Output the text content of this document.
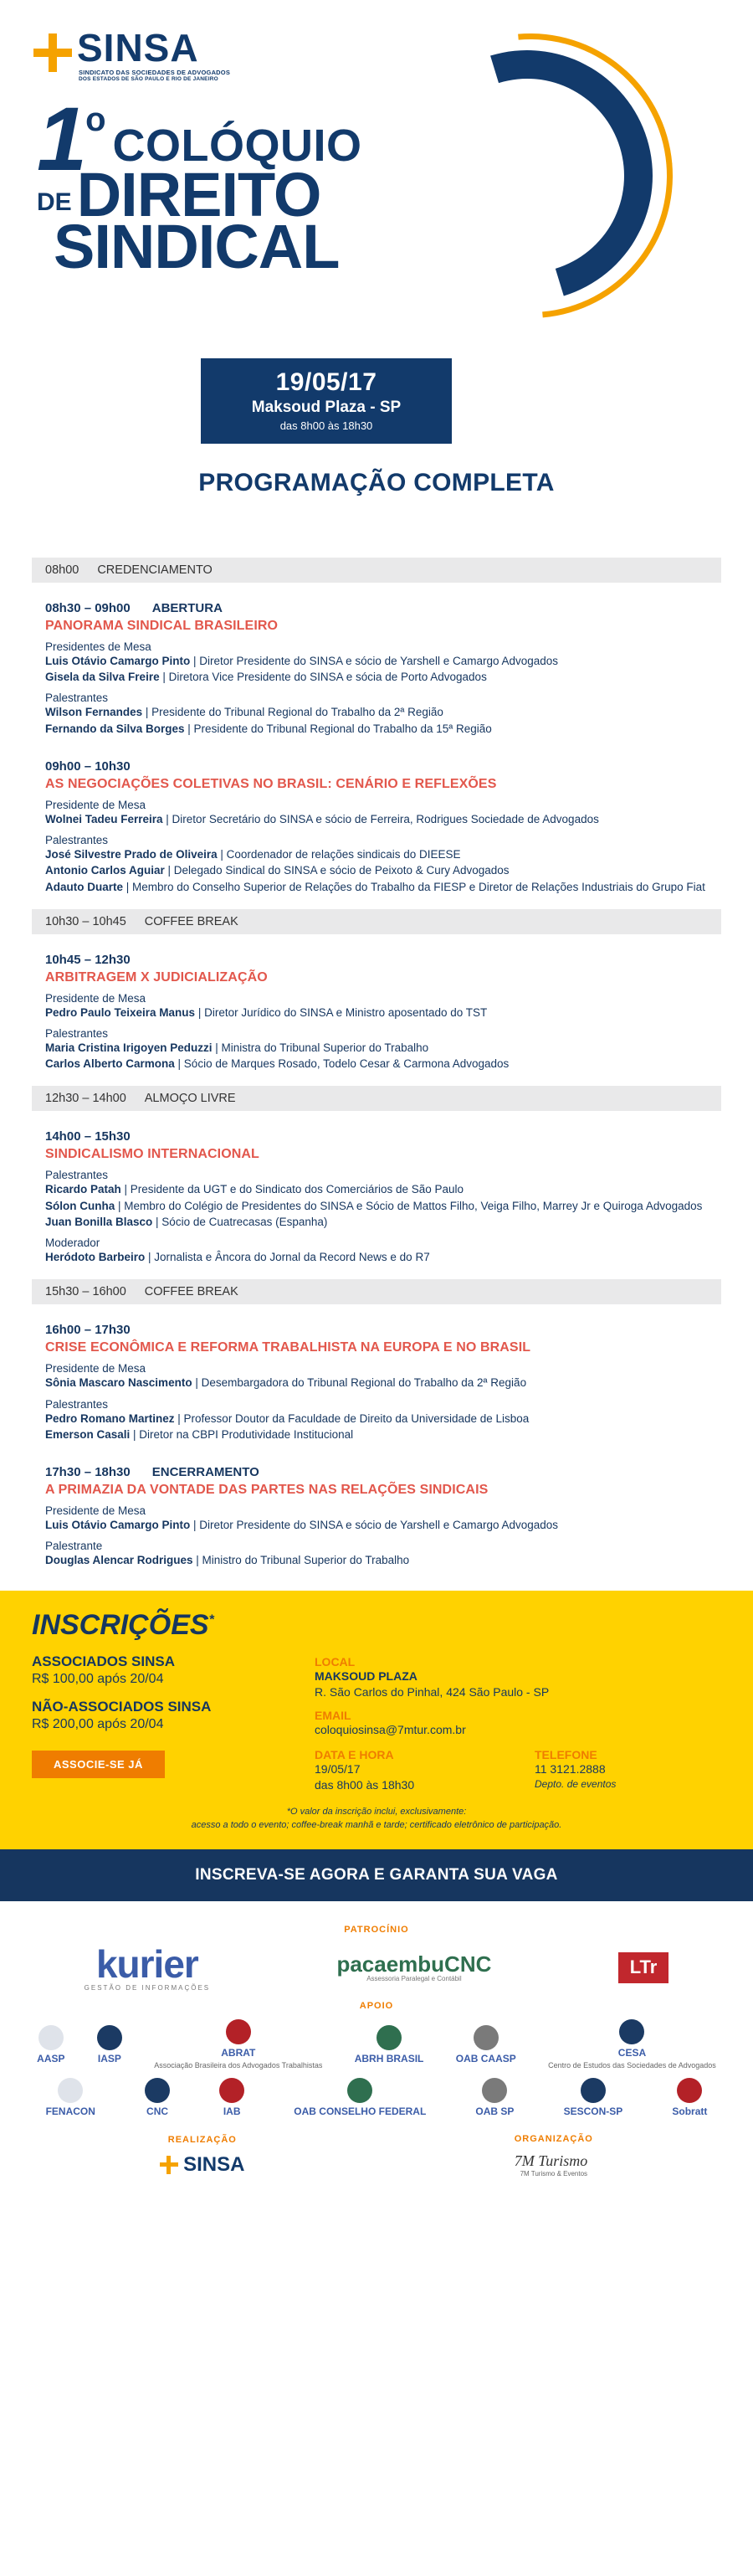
SINSA
SINDICATO DAS SOCIEDADES DE ADVOGADOS
DOS ESTADOS DE SÃO PAULO E RIO DE JANEIRO
1 o
COLÓQUIO
DE DIREITO
SINDICAL
19/05/17
Maksoud Plaza - SP
das 8h00 às 18h30
PROGRAMAÇÃO COMPLETA
08h00 CREDENCIAMENTO
08h30 – 09h00 ABERTURA
PANORAMA SINDICAL BRASILEIRO
Presidentes de Mesa
Luis Otávio Camargo Pinto | Diretor Presidente do SINSA e sócio de Yarshell e Camargo Advogados
Gisela da Silva Freire | Diretora Vice Presidente do SINSA e sócia de Porto Advogados
Palestrantes
Wilson Fernandes | Presidente do Tribunal Regional do Trabalho da 2ª Região
Fernando da Silva Borges | Presidente do Tribunal Regional do Trabalho da 15ª Região
09h00 – 10h30
AS NEGOCIAÇÕES COLETIVAS NO BRASIL: CENÁRIO E REFLEXÕES
Presidente de Mesa
Wolnei Tadeu Ferreira | Diretor Secretário do SINSA e sócio de Ferreira, Rodrigues Sociedade de Advogados
Palestrantes
José Silvestre Prado de Oliveira | Coordenador de relações sindicais do DIEESE
Antonio Carlos Aguiar | Delegado Sindical do SINSA e sócio de Peixoto & Cury Advogados
Adauto Duarte | Membro do Conselho Superior de Relações do Trabalho da FIESP e Diretor de Relações Industriais do Grupo Fiat
10h30 – 10h45 COFFEE BREAK
10h45 – 12h30
ARBITRAGEM X JUDICIALIZAÇÃO
Presidente de Mesa
Pedro Paulo Teixeira Manus | Diretor Jurídico do SINSA e Ministro aposentado do TST
Palestrantes
Maria Cristina Irigoyen Peduzzi | Ministra do Tribunal Superior do Trabalho
Carlos Alberto Carmona | Sócio de Marques Rosado, Todelo Cesar & Carmona Advogados
12h30 – 14h00 ALMOÇO LIVRE
14h00 – 15h30
SINDICALISMO INTERNACIONAL
Palestrantes
Ricardo Patah | Presidente da UGT e do Sindicato dos Comerciários de São Paulo
Sólon Cunha | Membro do Colégio de Presidentes do SINSA e Sócio de Mattos Filho, Veiga Filho, Marrey Jr e Quiroga Advogados
Juan Bonilla Blasco | Sócio de Cuatrecasas (Espanha)
Moderador
Heródoto Barbeiro | Jornalista e Âncora do Jornal da Record News e do R7
15h30 – 16h00 COFFEE BREAK
16h00 – 17h30
CRISE ECONÔMICA E REFORMA TRABALHISTA NA EUROPA E NO BRASIL
Presidente de Mesa
Sônia Mascaro Nascimento | Desembargadora do Tribunal Regional do Trabalho da 2ª Região
Palestrantes
Pedro Romano Martinez | Professor Doutor da Faculdade de Direito da Universidade de Lisboa
Emerson Casali | Diretor na CBPI Produtividade Institucional
17h30 – 18h30 ENCERRAMENTO
A PRIMAZIA DA VONTADE DAS PARTES NAS RELAÇÕES SINDICAIS
Presidente de Mesa
Luis Otávio Camargo Pinto | Diretor Presidente do SINSA e sócio de Yarshell e Camargo Advogados
Palestrante
Douglas Alencar Rodrigues | Ministro do Tribunal Superior do Trabalho
INSCRIÇÕES*
ASSOCIADOS SINSA
R$ 100,00 após 20/04
NÃO-ASSOCIADOS SINSA
R$ 200,00 após 20/04
ASSOCIE-SE JÁ
LOCAL
MAKSOUD PLAZA
R. São Carlos do Pinhal, 424 São Paulo - SP
EMAIL
coloquiosinsa@7mtur.com.br
DATA E HORA
19/05/17
das 8h00 às 18h30
TELEFONE
11 3121.2888
Depto. de eventos
*O valor da inscrição inclui, exclusivamente:
acesso a todo o evento; coffee-break manhã e tarde; certificado eletrônico de participação.
INSCREVA-SE AGORA E GARANTA SUA VAGA
PATROCÍNIO
kurier
GESTÃO DE INFORMAÇÕES
pacaembuCNC
Assessoria Paralegal e Contábil
LTr
APOIO
AASP	IASP	ABRAT
Associação Brasileira dos Advogados Trabalhistas
ABRH BRASIL	OAB CAASP	CESA
Centro de Estudos das Sociedades de Advogados
FENACON	CNC	IAB	OAB CONSELHO FEDERAL	OAB SP	SESCON-SP	Sobratt
REALIZAÇÃO
SINSA
ORGANIZAÇÃO
7M Turismo
7M Turismo & Eventos
